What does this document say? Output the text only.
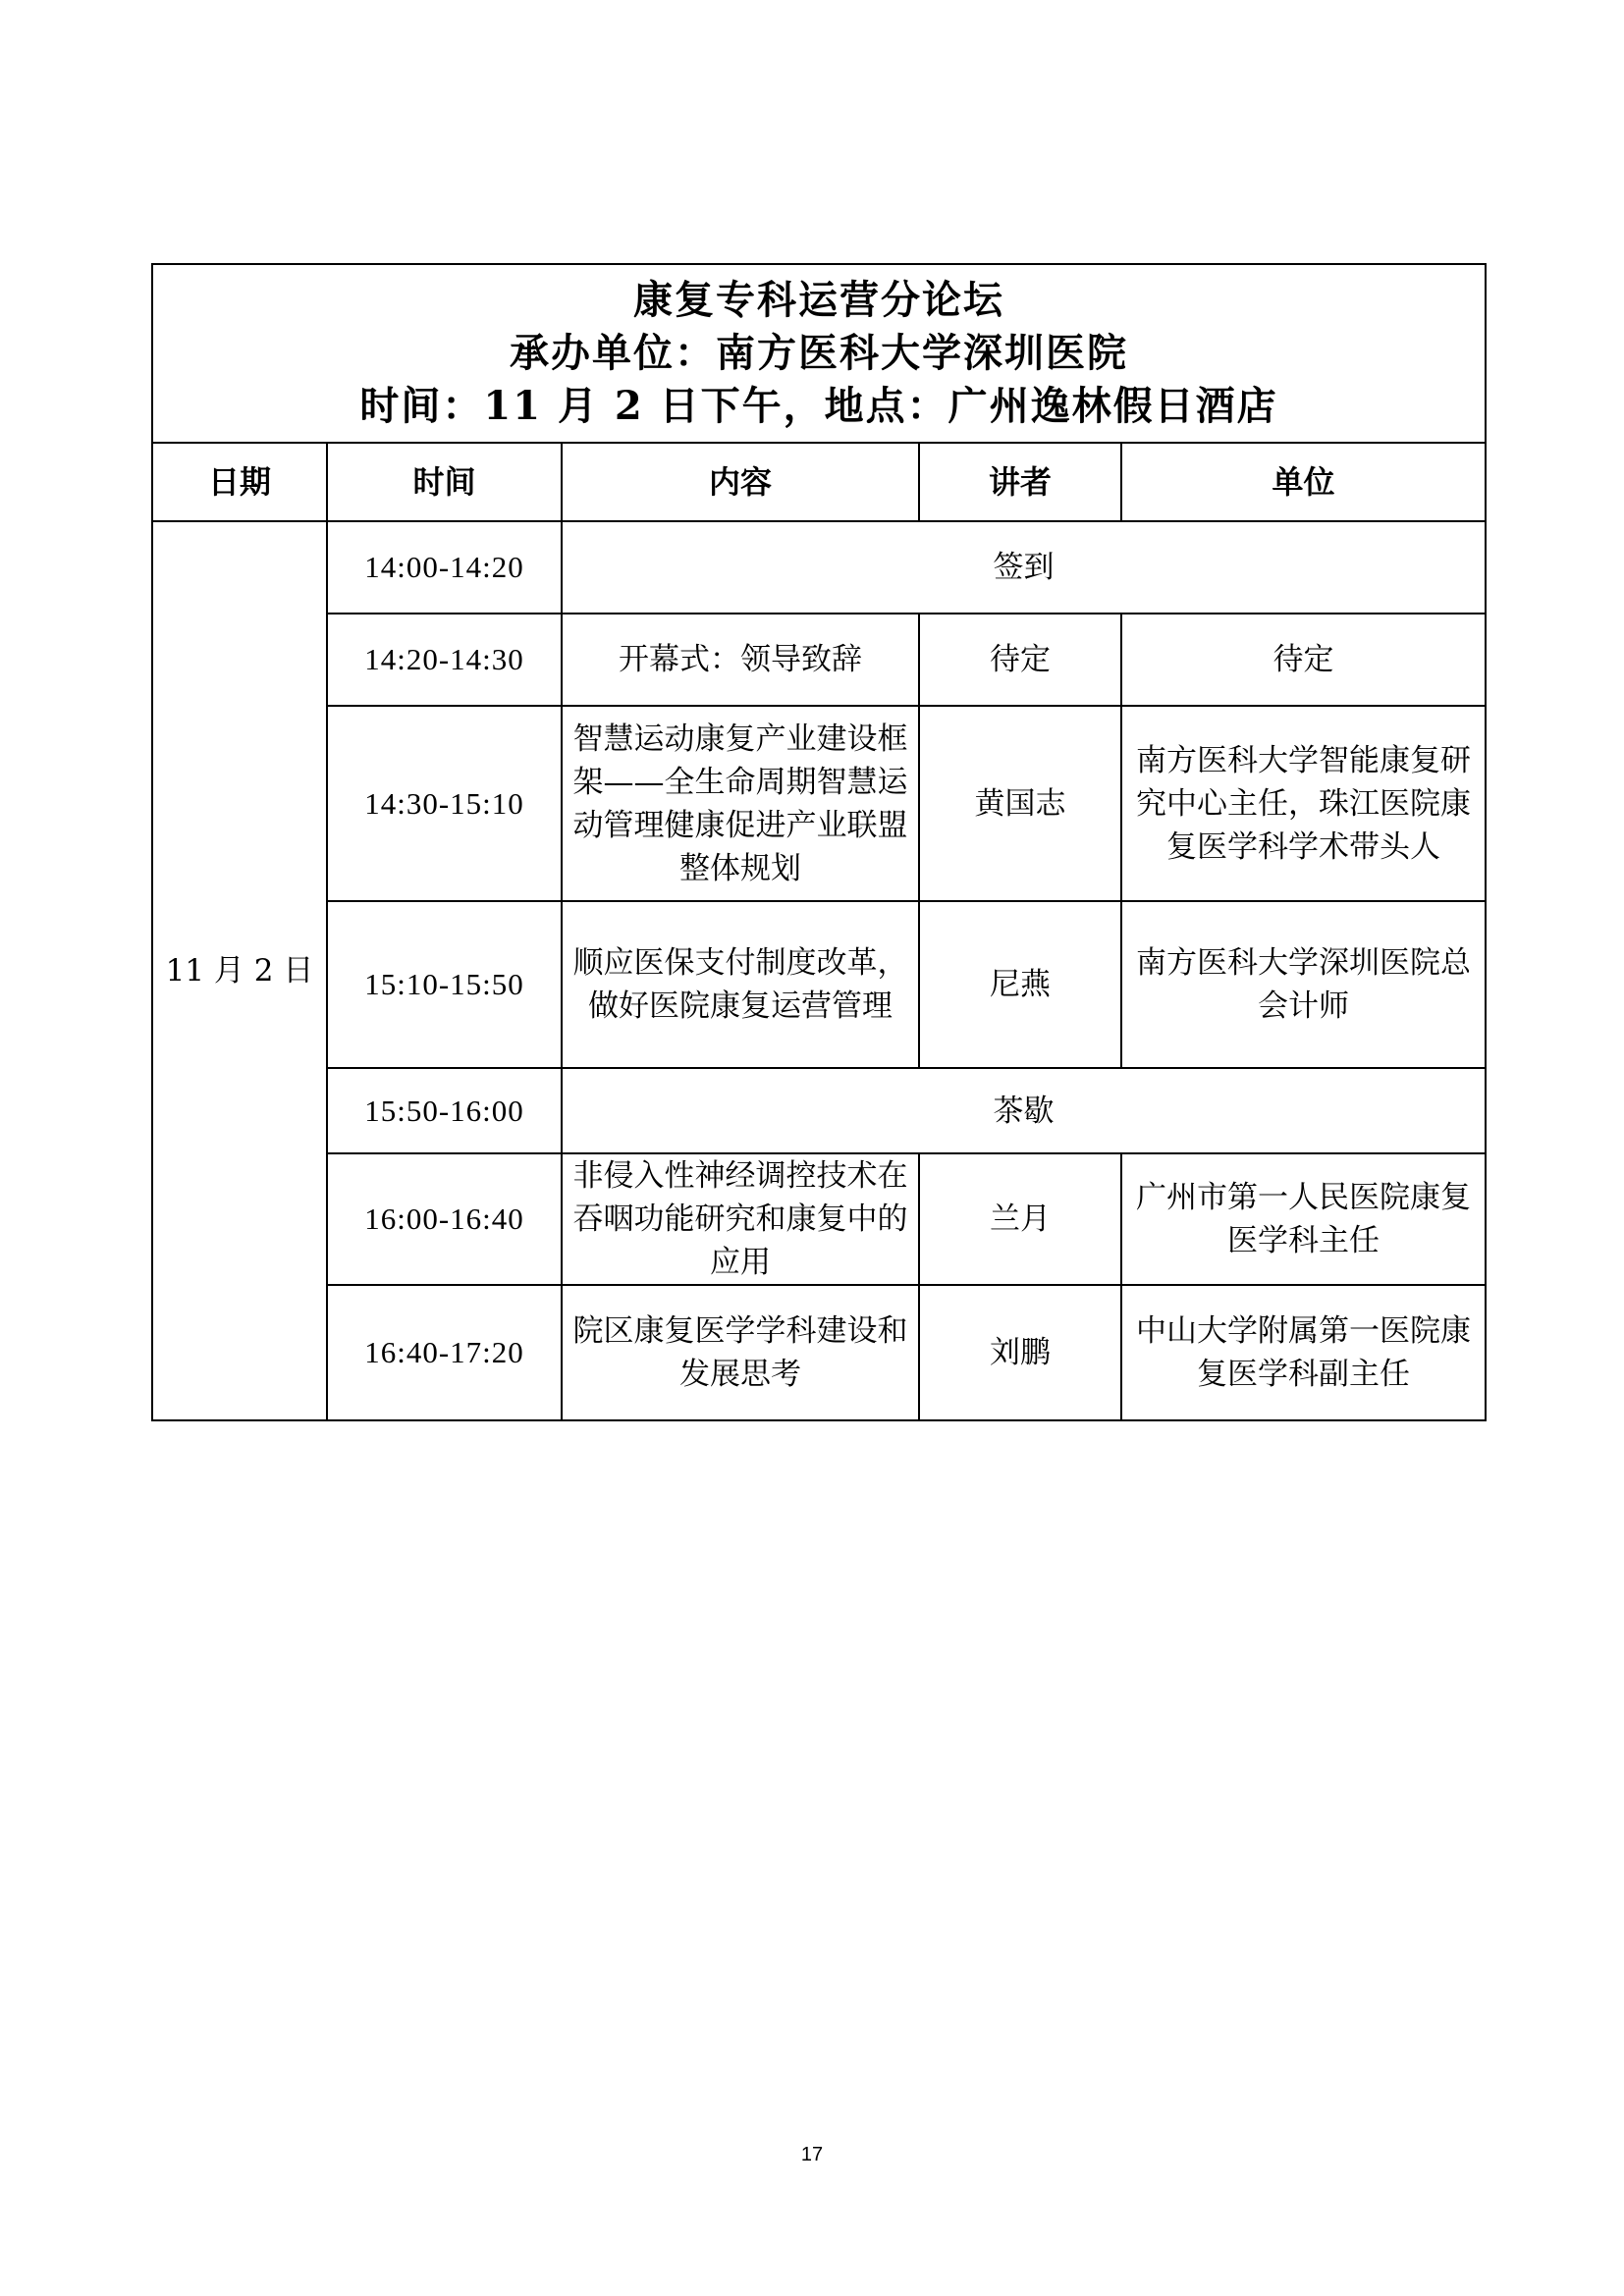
康复专科运营分论坛
承办单位：南方医科大学深圳医院
时间：11 月 2 日下午，地点：广州逸林假日酒店				

日期	时间	内容	讲者	单位
11 月 2 日	14:00-14:20	签到		
	14:20-14:30	开幕式：领导致辞	待定	待定
	14:30-15:10	智慧运动康复产业建设框架——全生命周期智慧运动管理健康促进产业联盟整体规划	黄国志	南方医科大学智能康复研究中心主任，珠江医院康复医学科学术带头人
	15:10-15:50	顺应医保支付制度改革，做好医院康复运营管理	尼燕	南方医科大学深圳医院总会计师
	15:50-16:00	茶歇		
	16:00-16:40	非侵入性神经调控技术在吞咽功能研究和康复中的应用	兰月	广州市第一人民医院康复医学科主任
	16:40-17:20	院区康复医学学科建设和发展思考	刘鹏	中山大学附属第一医院康复医学科副主任
17
